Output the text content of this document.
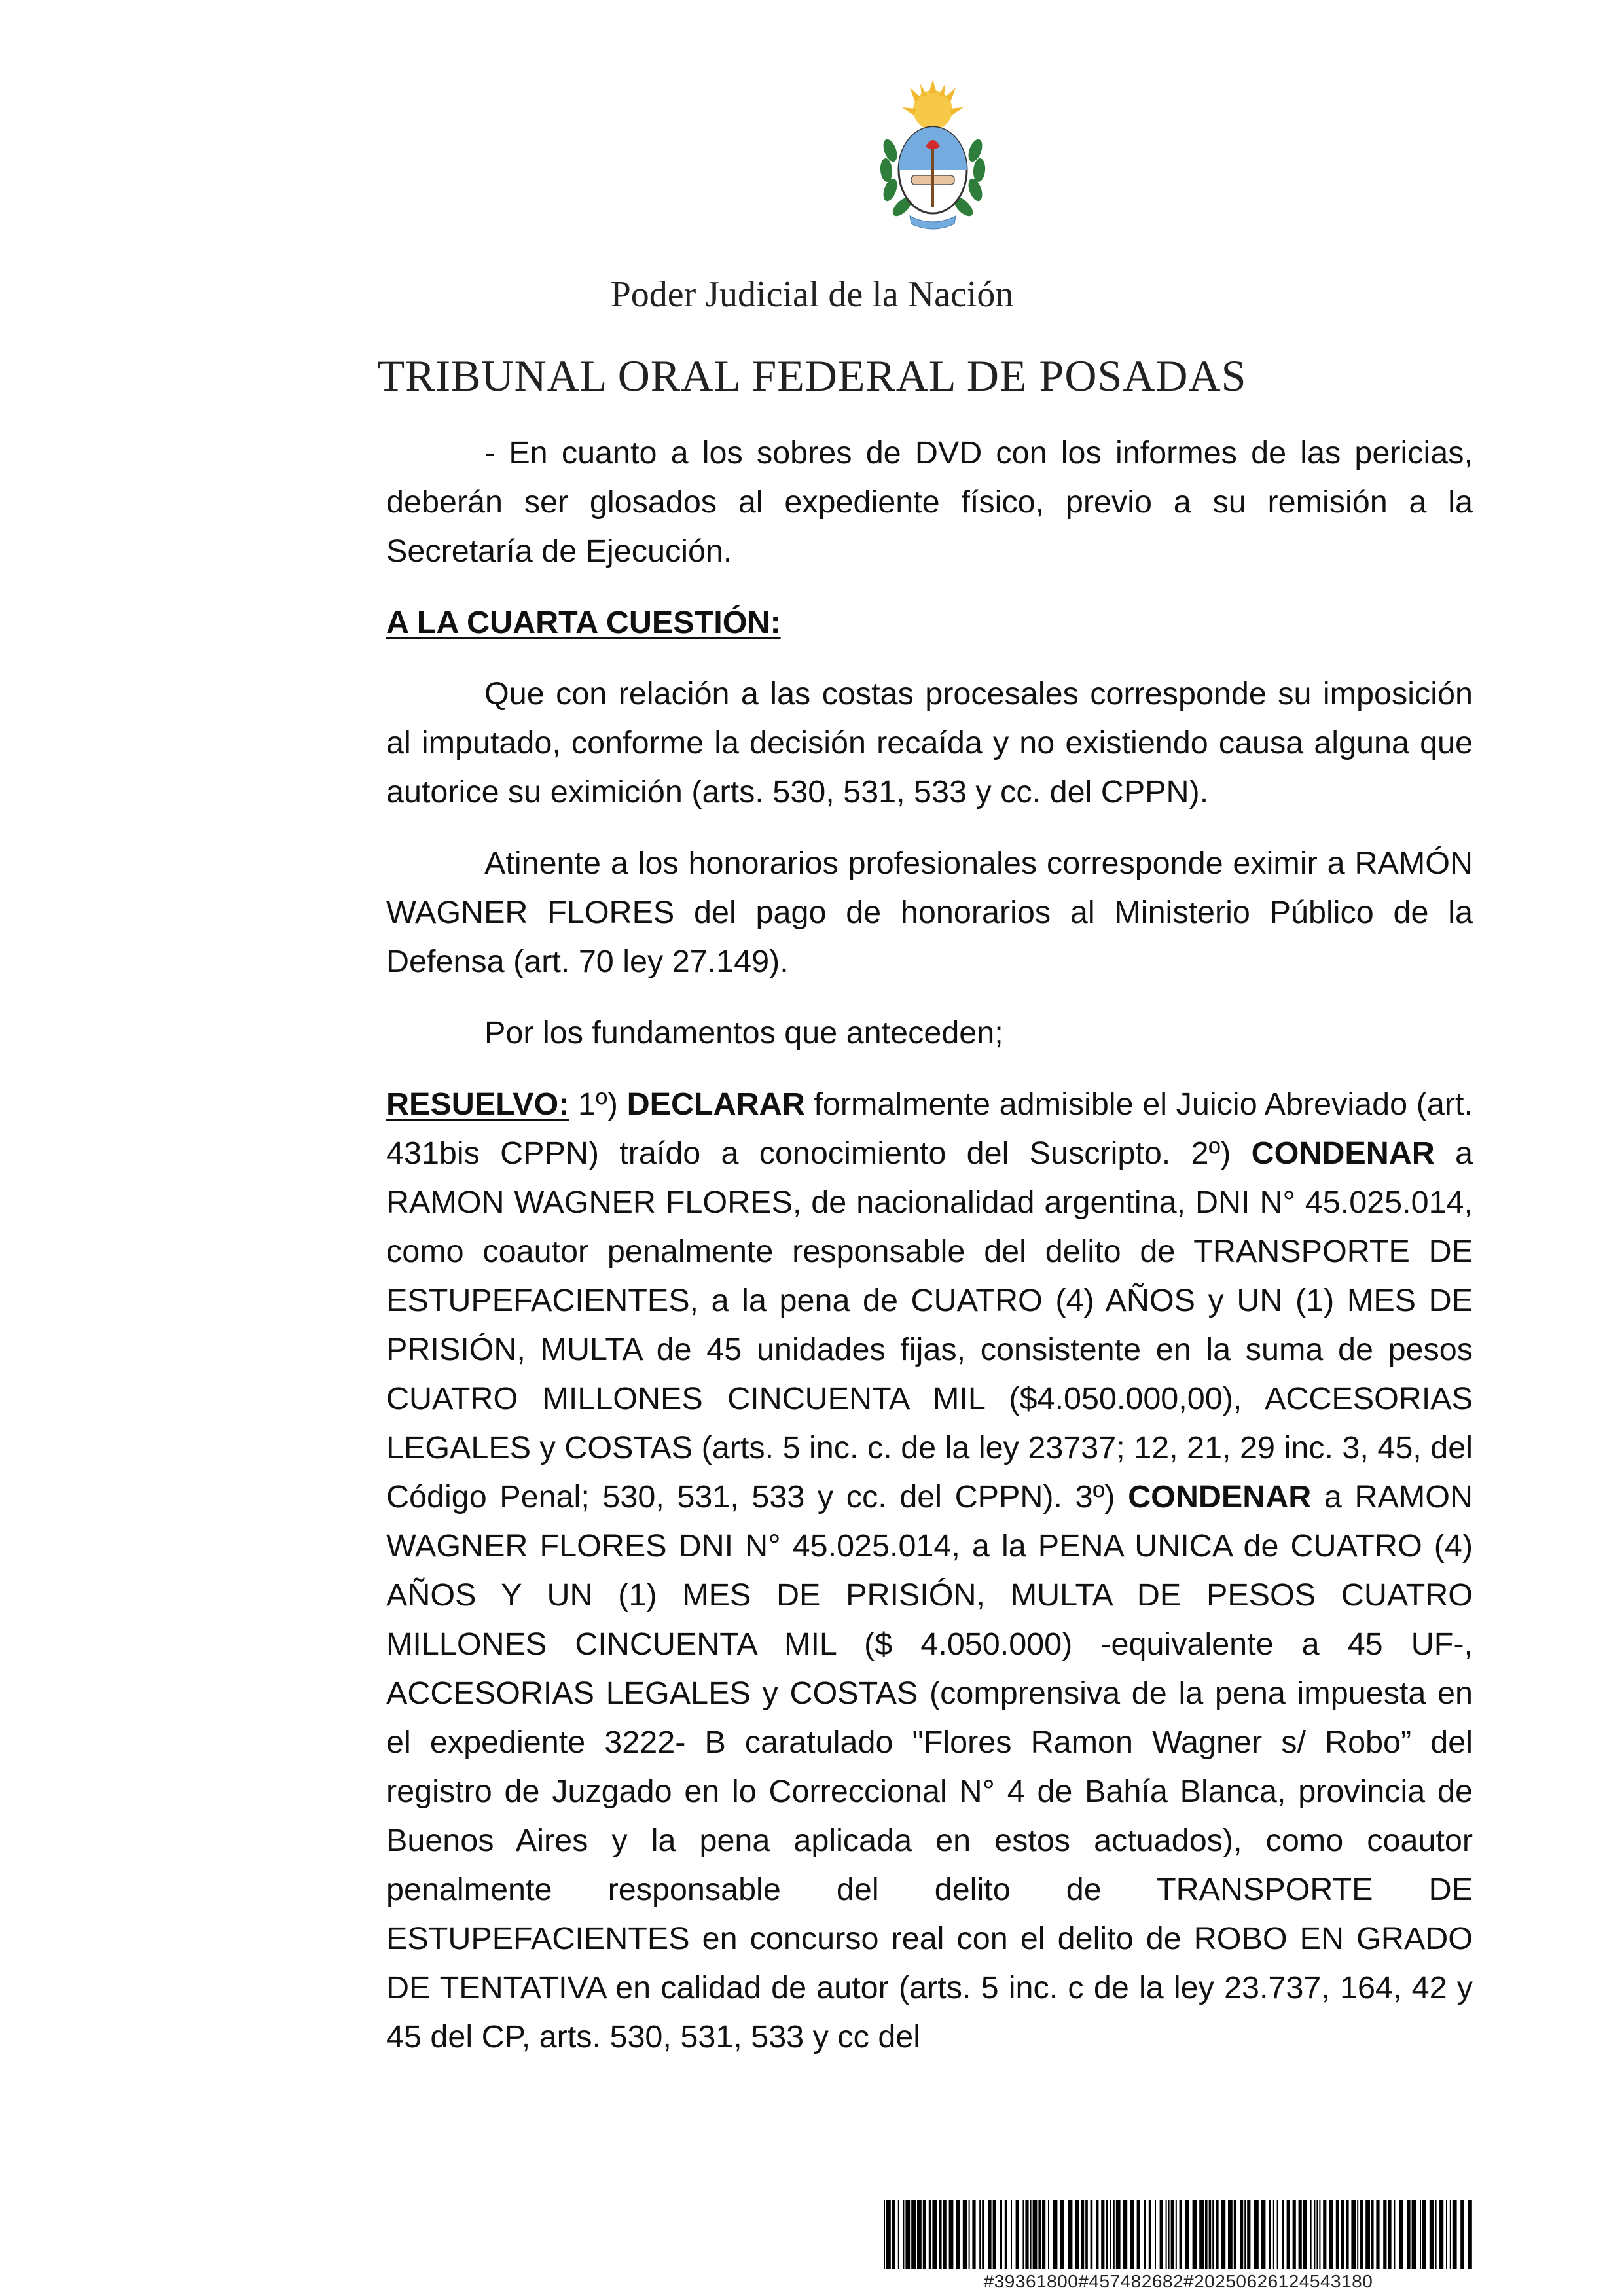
Poder Judicial de la Nación
TRIBUNAL ORAL FEDERAL DE POSADAS

- En cuanto a los sobres de DVD con los informes de las pericias, deberán ser glosados al expediente físico, previo a su remisión a la Secretaría de Ejecución.

A LA CUARTA CUESTIÓN:

Que con relación a las costas procesales corresponde su imposición al imputado, conforme la decisión recaída y no existiendo causa alguna que autorice su eximición (arts. 530, 531, 533 y cc. del CPPN).

Atinente a los honorarios profesionales corresponde eximir a RAMÓN WAGNER FLORES del pago de honorarios al Ministerio Público de la Defensa (art. 70 ley 27.149).

Por los fundamentos que anteceden;

RESUELVO: 1º) DECLARAR formalmente admisible el Juicio Abreviado (art. 431bis CPPN) traído a conocimiento del Suscripto. 2º) CONDENAR a RAMON WAGNER FLORES, de nacionalidad argentina, DNI N° 45.025.014, como coautor penalmente responsable del delito de TRANSPORTE DE ESTUPEFACIENTES, a la pena de CUATRO (4) AÑOS y UN (1) MES DE PRISIÓN, MULTA de 45 unidades fijas, consistente en la suma de pesos CUATRO MILLONES CINCUENTA MIL ($4.050.000,00), ACCESORIAS LEGALES y COSTAS (arts. 5 inc. c. de la ley 23737; 12, 21, 29 inc. 3, 45, del Código Penal; 530, 531, 533 y cc. del CPPN). 3º) CONDENAR a RAMON WAGNER FLORES DNI N° 45.025.014, a la PENA UNICA de CUATRO (4) AÑOS Y UN (1) MES DE PRISIÓN, MULTA DE PESOS CUATRO MILLONES CINCUENTA MIL ($ 4.050.000) -equivalente a 45 UF-, ACCESORIAS LEGALES y COSTAS (comprensiva de la pena impuesta en el expediente 3222- B caratulado "Flores Ramon Wagner s/ Robo” del registro de Juzgado en lo Correccional N° 4 de Bahía Blanca, provincia de Buenos Aires y la pena aplicada en estos actuados), como coautor penalmente responsable del delito de TRANSPORTE DE ESTUPEFACIENTES en concurso real con el delito de ROBO EN GRADO DE TENTATIVA en calidad de autor (arts. 5 inc. c de la ley 23.737, 164, 42 y 45 del CP, arts. 530, 531, 533 y cc del

#39361800#457482682#20250626124543180
